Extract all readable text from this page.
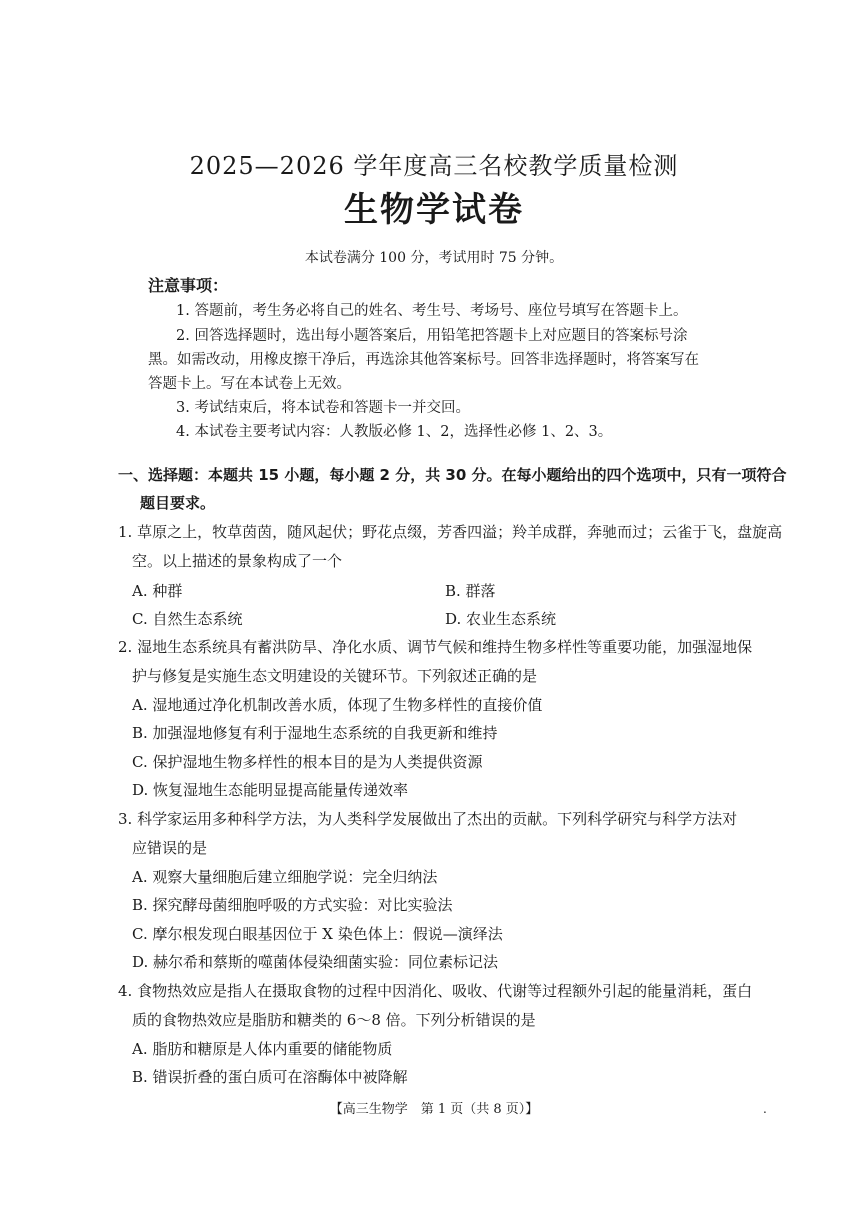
2025—2026 学年度高三名校教学质量检测
生物学试卷
本试卷满分 100 分，考试用时 75 分钟。
注意事项：
1. 答题前，考生务必将自己的姓名、考生号、考场号、座位号填写在答题卡上。
2. 回答选择题时，选出每小题答案后，用铅笔把答题卡上对应题目的答案标号涂
黑。如需改动，用橡皮擦干净后，再选涂其他答案标号。回答非选择题时，将答案写在
答题卡上。写在本试卷上无效。
3. 考试结束后，将本试卷和答题卡一并交回。
4. 本试卷主要考试内容：人教版必修 1、2，选择性必修 1、2、3。
一、选择题：本题共 15 小题，每小题 2 分，共 30 分。在每小题给出的四个选项中，只有一项符合
题目要求。
1. 草原之上，牧草茵茵，随风起伏；野花点缀，芳香四溢；羚羊成群，奔驰而过；云雀于飞，盘旋高
空。以上描述的景象构成了一个
A. 种群	B. 群落
C. 自然生态系统	D. 农业生态系统
2. 湿地生态系统具有蓄洪防旱、净化水质、调节气候和维持生物多样性等重要功能，加强湿地保
护与修复是实施生态文明建设的关键环节。下列叙述正确的是
A. 湿地通过净化机制改善水质，体现了生物多样性的直接价值
B. 加强湿地修复有利于湿地生态系统的自我更新和维持
C. 保护湿地生物多样性的根本目的是为人类提供资源
D. 恢复湿地生态能明显提高能量传递效率
3. 科学家运用多种科学方法，为人类科学发展做出了杰出的贡献。下列科学研究与科学方法对
应错误的是
A. 观察大量细胞后建立细胞学说：完全归纳法
B. 探究酵母菌细胞呼吸的方式实验：对比实验法
C. 摩尔根发现白眼基因位于 X 染色体上：假说—演绎法
D. 赫尔希和蔡斯的噬菌体侵染细菌实验：同位素标记法
4. 食物热效应是指人在摄取食物的过程中因消化、吸收、代谢等过程额外引起的能量消耗，蛋白
质的食物热效应是脂肪和糖类的 6～8 倍。下列分析错误的是
A. 脂肪和糖原是人体内重要的储能物质
B. 错误折叠的蛋白质可在溶酶体中被降解
【高三生物学　第 1 页（共 8 页）】	.
